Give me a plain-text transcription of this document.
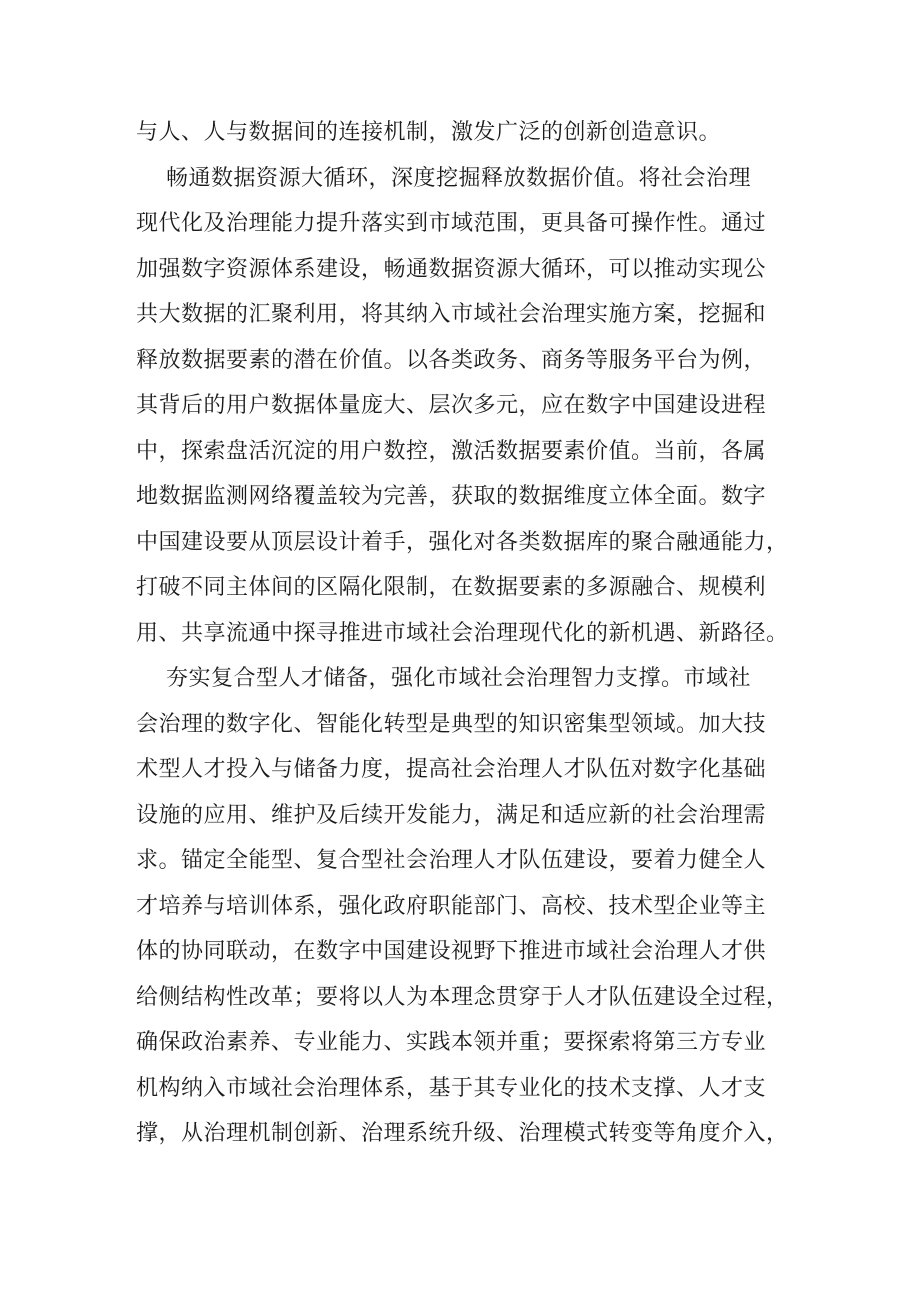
与人、人与数据间的连接机制，激发广泛的创新创造意识。
畅通数据资源大循环，深度挖掘释放数据价值。将社会治理
现代化及治理能力提升落实到市域范围，更具备可操作性。通过
加强数字资源体系建设，畅通数据资源大循环，可以推动实现公
共大数据的汇聚利用，将其纳入市域社会治理实施方案，挖掘和
释放数据要素的潜在价值。以各类政务、商务等服务平台为例，
其背后的用户数据体量庞大、层次多元，应在数字中国建设进程
中，探索盘活沉淀的用户数控，激活数据要素价值。当前，各属
地数据监测网络覆盖较为完善，获取的数据维度立体全面。数字
中国建设要从顶层设计着手，强化对各类数据库的聚合融通能力，
打破不同主体间的区隔化限制，在数据要素的多源融合、规模利
用、共享流通中探寻推进市域社会治理现代化的新机遇、新路径。
夯实复合型人才储备，强化市域社会治理智力支撑。市域社
会治理的数字化、智能化转型是典型的知识密集型领域。加大技
术型人才投入与储备力度，提高社会治理人才队伍对数字化基础
设施的应用、维护及后续开发能力，满足和适应新的社会治理需
求。锚定全能型、复合型社会治理人才队伍建设，要着力健全人
才培养与培训体系，强化政府职能部门、高校、技术型企业等主
体的协同联动，在数字中国建设视野下推进市域社会治理人才供
给侧结构性改革；要将以人为本理念贯穿于人才队伍建设全过程，
确保政治素养、专业能力、实践本领并重；要探索将第三方专业
机构纳入市域社会治理体系，基于其专业化的技术支撑、人才支
撑，从治理机制创新、治理系统升级、治理模式转变等角度介入，
